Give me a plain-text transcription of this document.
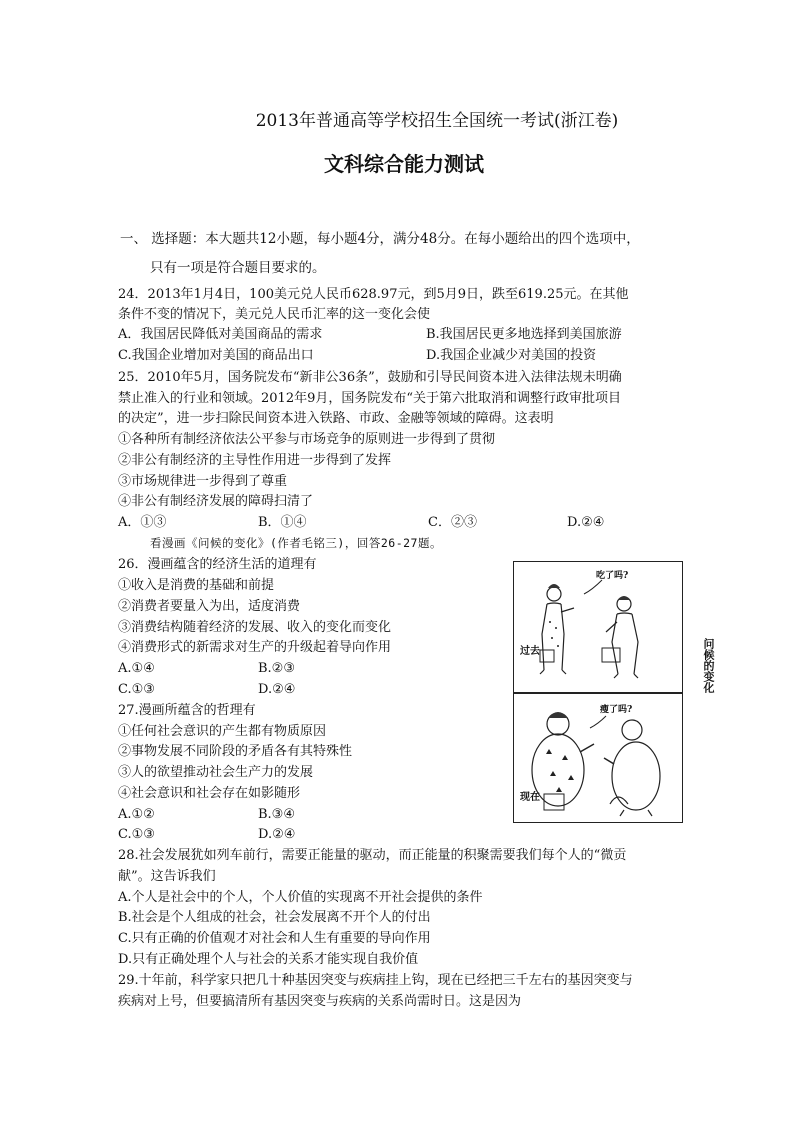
2013年普通高等学校招生全国统一考试(浙江卷)
文科综合能力测试
一、 选择题：本大题共12小题，每小题4分，满分48分。在每小题给出的四个选项中，
只有一项是符合题目要求的。
24．2013年1月4日，100美元兑人民币628.97元，到5月9日，跌至619.25元。在其他
条件不变的情况下，美元兑人民币汇率的这一变化会使
A．我国居民降低对美国商品的需求	B.我国居民更多地选择到美国旅游
C.我国企业增加对美国的商品出口	D.我国企业减少对美国的投资
25．2010年5月，国务院发布“新非公36条”，鼓励和引导民间资本进入法律法规未明确
禁止准入的行业和领域。2012年9月，国务院发布“关于第六批取消和调整行政审批项目
的决定”，进一步扫除民间资本进入铁路、市政、金融等领域的障碍。这表明
①各种所有制经济依法公平参与市场竞争的原则进一步得到了贯彻
②非公有制经济的主导性作用进一步得到了发挥
③市场规律进一步得到了尊重
④非公有制经济发展的障碍扫清了
A．①③	B．①④	C．②③	D.②④
看漫画《问候的变化》(作者毛铭三)，回答26-27题。
26．漫画蕴含的经济生活的道理有
①收入是消费的基础和前提
②消费者要量入为出，适度消费
③消费结构随着经济的发展、收入的变化而变化
④消费形式的新需求对生产的升级起着导向作用
A.①④	B.②③
C.①③	D.②④
27.漫画所蕴含的哲理有
①任何社会意识的产生都有物质原因
②事物发展不同阶段的矛盾各有其特殊性
③人的欲望推动社会生产力的发展
④社会意识和社会存在如影随形
A.①②	B.③④
C.①③	D.②④
28.社会发展犹如列车前行，需要正能量的驱动，而正能量的积聚需要我们每个人的“微贡
献”。这告诉我们
A.个人是社会中的个人，个人价值的实现离不开社会提供的条件
B.社会是个人组成的社会，社会发展离不开个人的付出
C.只有正确的价值观才对社会和人生有重要的导向作用
D.只有正确处理个人与社会的关系才能实现自我价值
29.十年前，科学家只把几十种基因突变与疾病挂上钩，现在已经把三千左右的基因突变与
疾病对上号，但要搞清所有基因突变与疾病的关系尚需时日。这是因为
吃了吗?
过去
瘦了吗?
现在
问候的变化
